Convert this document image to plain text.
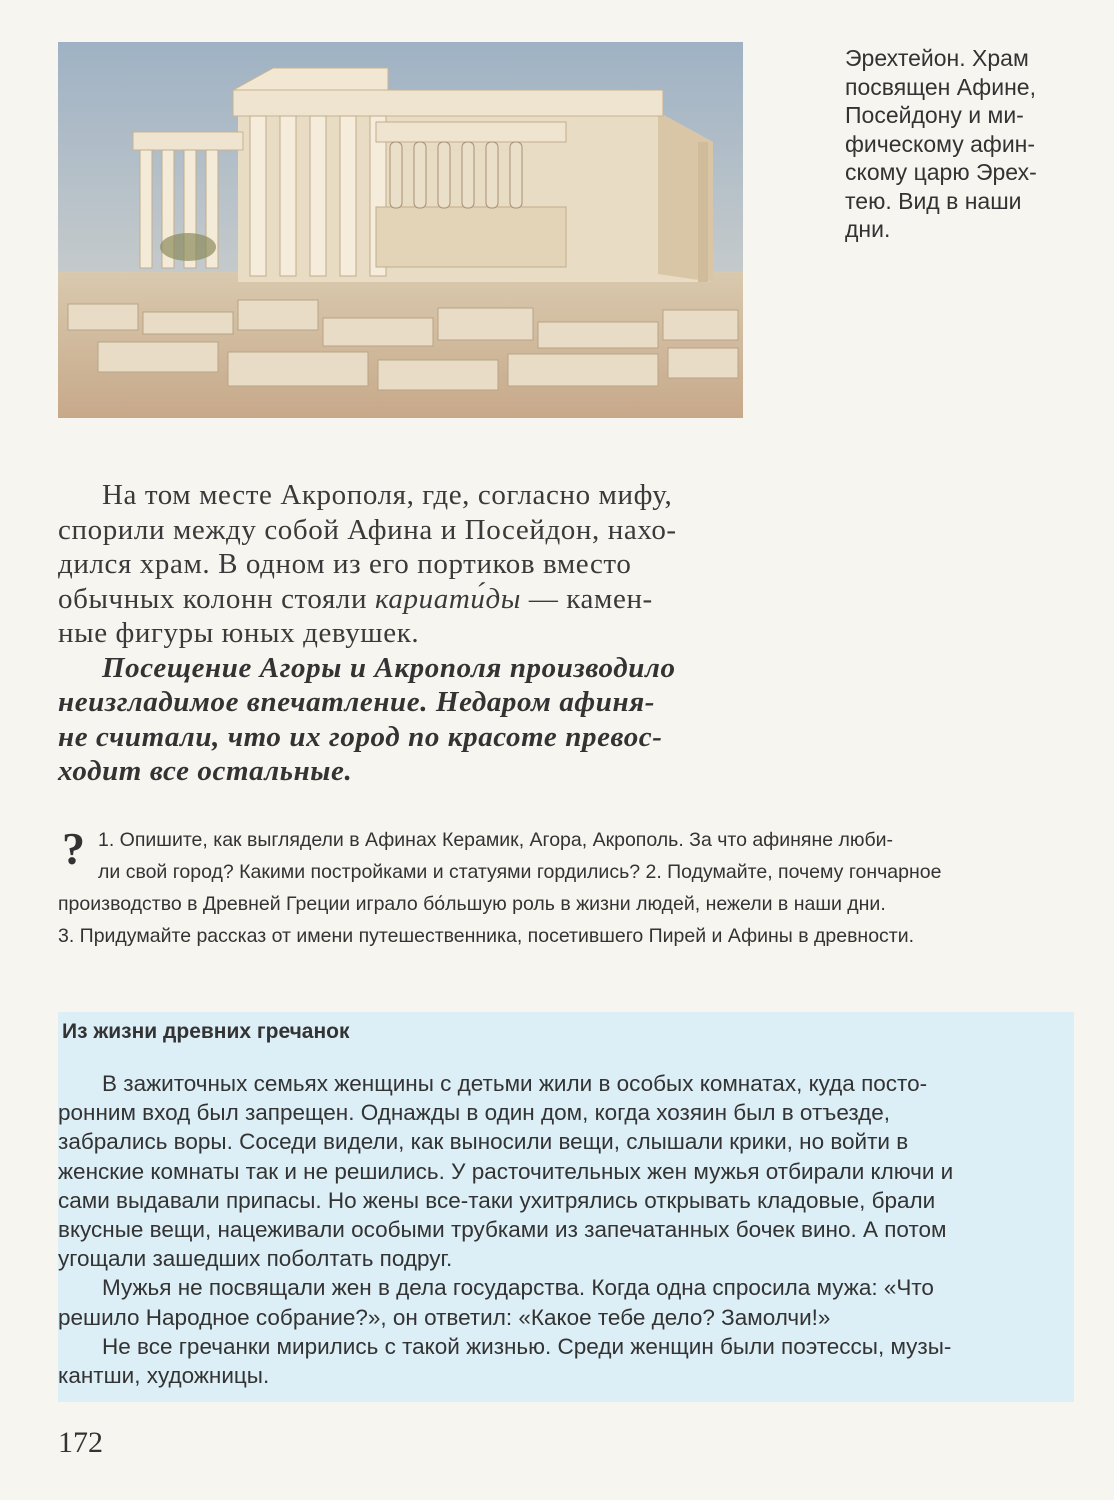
Эрехтейон. Храм
посвящен Афине,
Посейдону и ми-
фическому афин-
скому царю Эрех-
тею. Вид в наши
дни.
На том месте Акрополя, где, согласно мифу,
спорили между собой Афина и Посейдон, нахо-
дился храм. В одном из его портиков вместо
обычных колонн стояли кариати́ды — камен-
ные фигуры юных девушек.
Посещение Агоры и Акрополя производило
неизгладимое впечатление. Недаром афиня-
не считали, что их город по красоте превос-
ходит все остальные.
? 1. Опишите, как выглядели в Афинах Керамик, Агора, Акрополь. За что афиняне люби-
ли свой город? Какими постройками и статуями гордились? 2. Подумайте, почему гончарное
производство в Древней Греции играло бо́льшую роль в жизни людей, нежели в наши дни.
3. Придумайте рассказ от имени путешественника, посетившего Пирей и Афины в древности.
Из жизни древних гречанок
В зажиточных семьях женщины с детьми жили в особых комнатах, куда посто-
ронним вход был запрещен. Однажды в один дом, когда хозяин был в отъезде,
забрались воры. Соседи видели, как выносили вещи, слышали крики, но войти в
женские комнаты так и не решились. У расточительных жен мужья отбирали ключи и
сами выдавали припасы. Но жены все-таки ухитрялись открывать кладовые, брали
вкусные вещи, нацеживали особыми трубками из запечатанных бочек вино. А потом
угощали зашедших поболтать подруг.
Мужья не посвящали жен в дела государства. Когда одна спросила мужа: «Что
решило Народное собрание?», он ответил: «Какое тебе дело? Замолчи!»
Не все гречанки мирились с такой жизнью. Среди женщин были поэтессы, музы-
кантши, художницы.
172
